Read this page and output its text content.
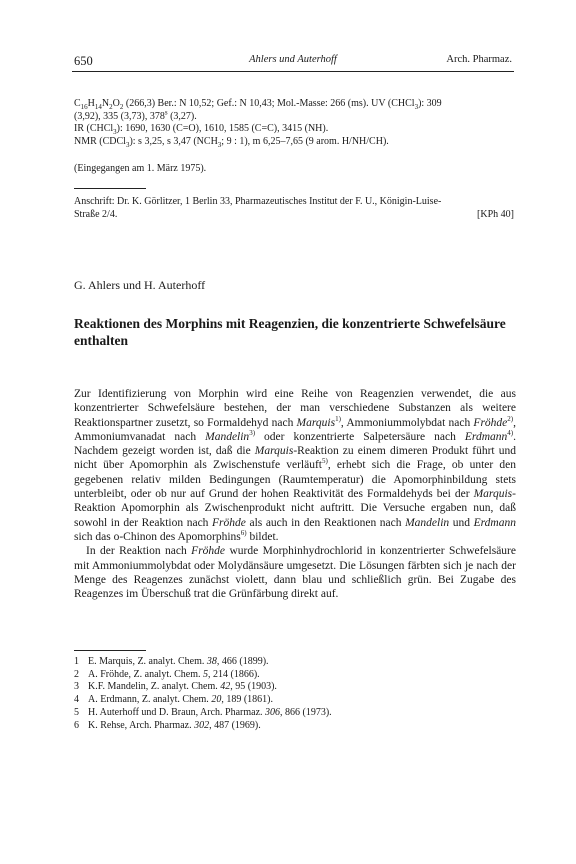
650	Ahlers und Auterhoff	Arch. Pharmaz.
$C_{16}H_{14}N_2O_2$ (266,3) Ber.: N 10,52; Gef.: N 10,43; Mol.-Masse: 266 (ms). UV (CHCl$_3$): 309
(3,92), 335 (3,73), 378$^s$ (3,27).
IR (CHCl$_3$): 1690, 1630 (C=O), 1610, 1585 (C=C), 3415 (NH).
NMR (CDCl$_3$): s 3,25, s 3,47 ($NCH_3$; 9 : 1), m 6,25–7,65 (9 arom. H/NH/CH).
(Eingegangen am 1. März 1975).
Anschrift: Dr. K. Görlitzer, 1 Berlin 33, Pharmazeutisches Institut der F. U., Königin-Luise-
Straße 2/4.	[KPh 40]
G. Ahlers und H. Auterhoff
Reaktionen des Morphins mit Reagenzien, die konzentrierte Schwefelsäure enthalten

Zur Identifizierung von Morphin wird eine Reihe von Reagenzien verwendet, die aus konzentrierter Schwefelsäure bestehen, der man verschiedene Substanzen als weitere Reaktionspartner zusetzt, so Formaldehyd nach Marquis$^{1)}$, Ammoniummolybdat nach Fröhde$^{2)}$, Ammoniumvanadat nach Mandelin$^{3)}$ oder konzentrierte Salpetersäure nach Erdmann$^{4)}$. Nachdem gezeigt worden ist, daß die Marquis-Reaktion zu einem dimeren Produkt führt und nicht über Apomorphin als Zwischenstufe verläuft$^{5)}$, erhebt sich die Frage, ob unter den gegebenen relativ milden Bedingungen (Raumtemperatur) die Apomorphinbildung stets unterbleibt, oder ob nur auf Grund der hohen Reaktivität des Formaldehyds bei der Marquis-Reaktion Apomorphin als Zwischenprodukt nicht auftritt. Die Versuche ergaben nun, daß sowohl in der Reaktion nach Fröhde als auch in den Reaktionen nach Mandelin und Erdmann sich das o-Chinon des Apomorphins$^{6)}$ bildet.

In der Reaktion nach Fröhde wurde Morphinhydrochlorid in konzentrierter Schwefelsäure mit Ammoniummolybdat oder Molydänsäure umgesetzt. Die Lösungen färbten sich je nach der Menge des Reagenzes zunächst violett, dann blau und schließlich grün. Bei Zugabe des Reagenzes im Überschuß trat die Grünfärbung direkt auf.

1 E. Marquis, Z. analyt. Chem. 38, 466 (1899).
2 A. Fröhde, Z. analyt. Chem. 5, 214 (1866).
3 K.F. Mandelin, Z. analyt. Chem. 42, 95 (1903).
4 A. Erdmann, Z. analyt. Chem. 20, 189 (1861).
5 H. Auterhoff und D. Braun, Arch. Pharmaz. 306, 866 (1973).
6 K. Rehse, Arch. Pharmaz. 302, 487 (1969).
